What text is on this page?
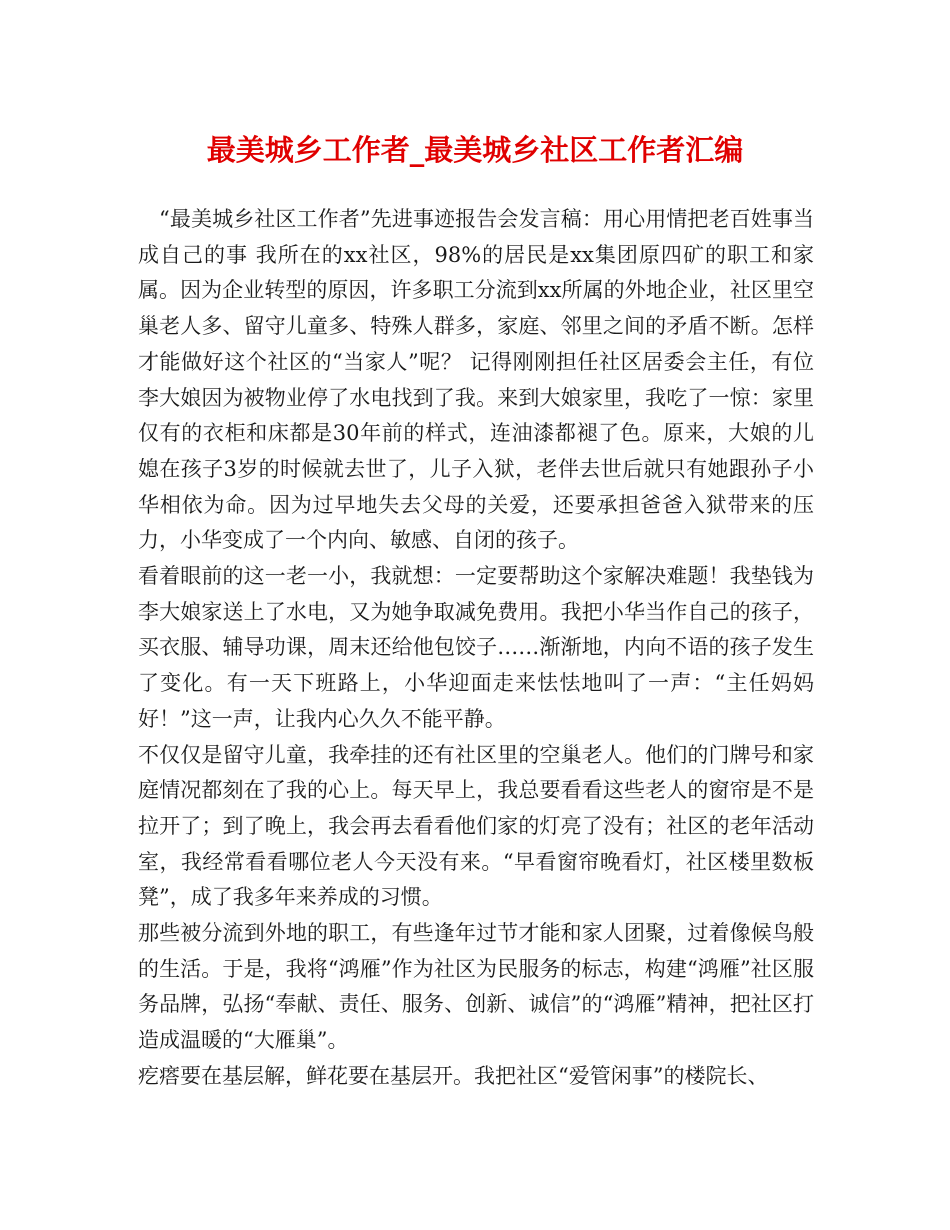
最美城乡工作者_最美城乡社区工作者汇编

“最美城乡社区工作者”先进事迹报告会发言稿：用心用情把老百姓事当成自己的事 我所在的xx社区，98%的居民是xx集团原四矿的职工和家属。因为企业转型的原因，许多职工分流到xx所属的外地企业，社区里空巢老人多、留守儿童多、特殊人群多，家庭、邻里之间的矛盾不断。怎样才能做好这个社区的“当家人”呢？ 记得刚刚担任社区居委会主任，有位李大娘因为被物业停了水电找到了我。来到大娘家里，我吃了一惊：家里仅有的衣柜和床都是30年前的样式，连油漆都褪了色。原来，大娘的儿媳在孩子3岁的时候就去世了，儿子入狱，老伴去世后就只有她跟孙子小华相依为命。因为过早地失去父母的关爱，还要承担爸爸入狱带来的压力，小华变成了一个内向、敏感、自闭的孩子。

看着眼前的这一老一小，我就想：一定要帮助这个家解决难题！我垫钱为李大娘家送上了水电，又为她争取减免费用。我把小华当作自己的孩子，买衣服、辅导功课，周末还给他包饺子……渐渐地，内向不语的孩子发生了变化。有一天下班路上，小华迎面走来怯怯地叫了一声：“主任妈妈好！”这一声，让我内心久久不能平静。

不仅仅是留守儿童，我牵挂的还有社区里的空巢老人。他们的门牌号和家庭情况都刻在了我的心上。每天早上，我总要看看这些老人的窗帘是不是拉开了；到了晚上，我会再去看看他们家的灯亮了没有；社区的老年活动室，我经常看看哪位老人今天没有来。“早看窗帘晚看灯，社区楼里数板凳”，成了我多年来养成的习惯。

那些被分流到外地的职工，有些逢年过节才能和家人团聚，过着像候鸟般的生活。于是，我将“鸿雁”作为社区为民服务的标志，构建“鸿雁”社区服务品牌，弘扬“奉献、责任、服务、创新、诚信”的“鸿雁”精神，把社区打造成温暖的“大雁巢”。

疙瘩要在基层解，鲜花要在基层开。我把社区“爱管闲事”的楼院长、
